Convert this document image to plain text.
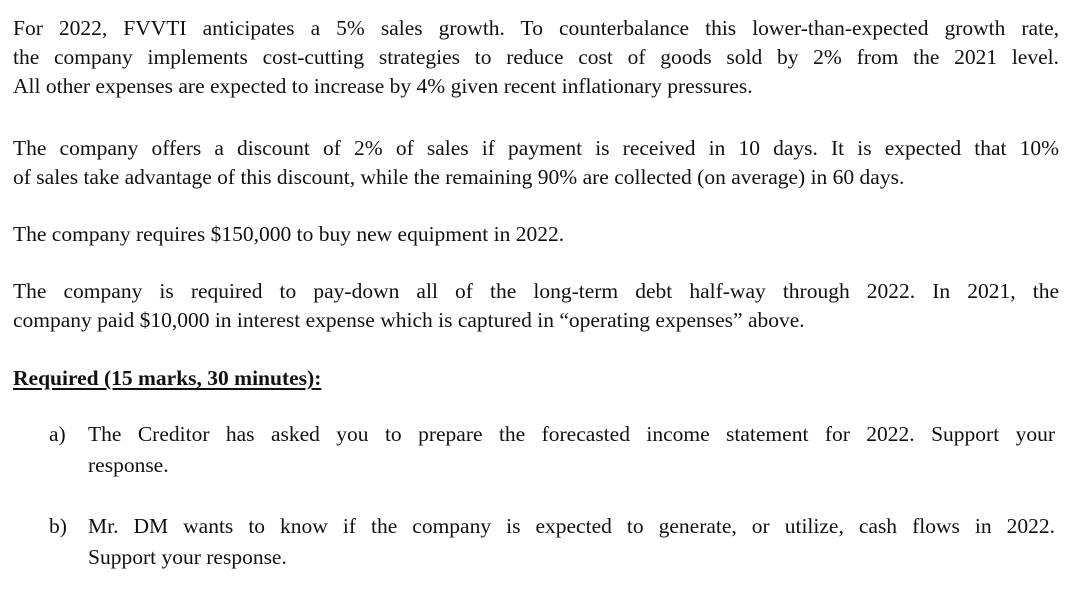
For 2022, FVVTI anticipates a 5% sales growth. To counterbalance this lower-than-expected growth rate,
the company implements cost-cutting strategies to reduce cost of goods sold by 2% from the 2021 level.
All other expenses are expected to increase by 4% given recent inflationary pressures.
The company offers a discount of 2% of sales if payment is received in 10 days. It is expected that 10%
of sales take advantage of this discount, while the remaining 90% are collected (on average) in 60 days.
The company requires $150,000 to buy new equipment in 2022.
The company is required to pay-down all of the long-term debt half-way through 2022. In 2021, the
company paid $10,000 in interest expense which is captured in “operating expenses” above.

Required (15 marks, 30 minutes):

a) The Creditor has asked you to prepare the forecasted income statement for 2022. Support your
response.
b) Mr. DM wants to know if the company is expected to generate, or utilize, cash flows in 2022.
Support your response.
